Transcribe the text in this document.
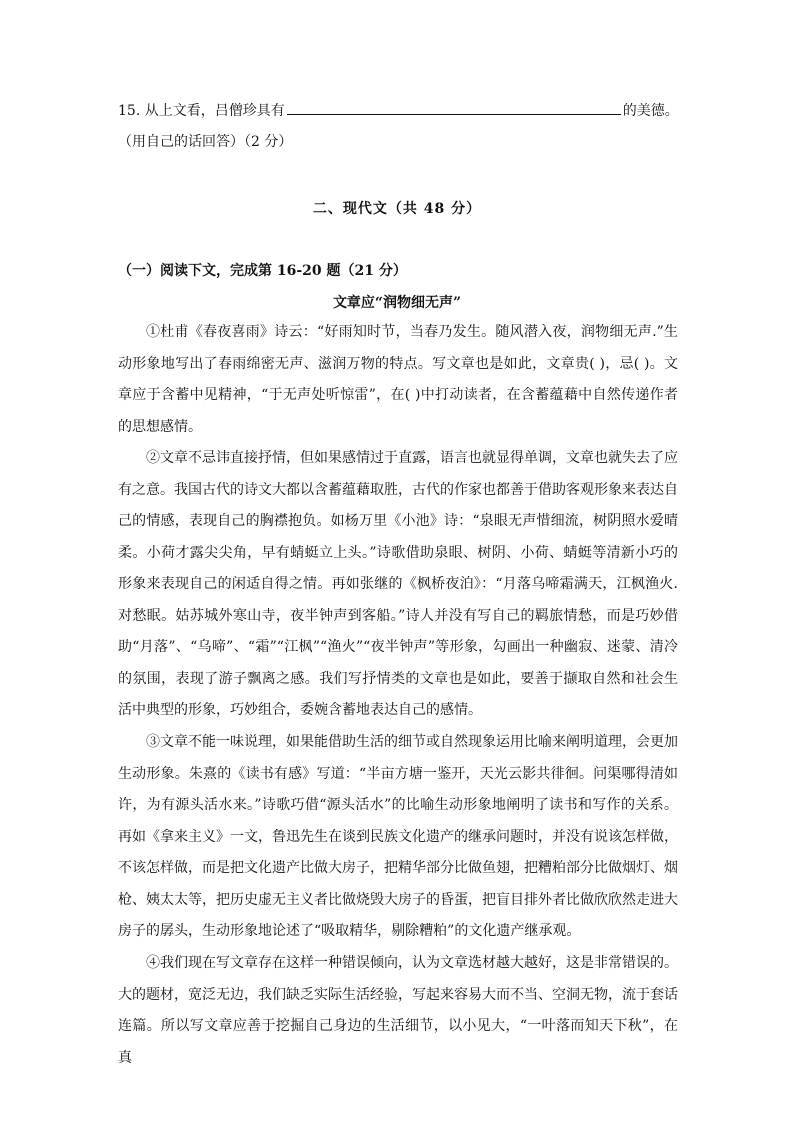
15. 从上文看，吕僧珍具有	的美德。
（用自己的话回答）（2 分）
二、现代文（共 48 分）
（一）阅读下文，完成第 16-20 题（21 分）
文章应“润物细无声”
①杜甫《春夜喜雨》诗云：“好雨知时节，当春乃发生。随风潜入夜，润物细无声.”生动形象地写出了春雨绵密无声、滋润万物的特点。写文章也是如此，文章贵( )，忌( )。文章应于含蓄中见精神，“于无声处听惊雷”，在( )中打动读者，在含蓄蕴藉中自然传递作者的思想感情。
②文章不忌讳直接抒情，但如果感情过于直露，语言也就显得单调，文章也就失去了应 有之意。我国古代的诗文大都以含蓄蕴藉取胜，古代的作家也都善于借助客观形象来表达自己的情感，表现自己的胸襟抱负。如杨万里《小池》诗：“泉眼无声惜细流，树阴照水爱晴柔。小荷才露尖尖角，早有蜻蜓立上头。”诗歌借助泉眼、树阴、小荷、蜻蜓等清新小巧的形象来表现自己的闲适自得之情。再如张继的《枫桥夜泊》：“月落乌啼霜满天，江枫渔火.对愁眠。姑苏城外寒山寺，夜半钟声到客船。”诗人并没有写自己的羁旅情愁，而是巧妙借助“月落”、“乌啼”、“霜”“江枫”“渔火”“夜半钟声”等形象，勾画出一种幽寂、迷蒙、清冷的氛围，表现了游子飘离之感。我们写抒情类的文章也是如此，要善于撷取自然和社会生 活中典型的形象，巧妙组合，委婉含蓄地表达自己的感情。
③文章不能一味说理，如果能借助生活的细节或自然现象运用比喻来阐明道理，会更加生动形象。朱熹的《读书有感》写道：“半亩方塘一鉴开，天光云影共徘徊。问渠哪得清如许，为有源头活水来。”诗歌巧借“源头活水”的比喻生动形象地阐明了读书和写作的关系。 再如《拿来主义》一文，鲁迅先生在谈到民族文化遗产的继承问题时，并没有说该怎样做， 不该怎样做，而是把文化遗产比做大房子，把精华部分比做鱼翅，把糟粕部分比做烟灯、烟枪、姨太太等，把历史虚无主义者比做烧毁大房子的昏蛋，把盲目排外者比做欣欣然走进大房子的孱头，生动形象地论述了“吸取精华，剔除糟粕”的文化遗产继承观。
④我们现在写文章存在这样一种错误倾向，认为文章选材越大越好，这是非常错误的。 大的题材，宽泛无边，我们缺乏实际生活经验，写起来容易大而不当、空洞无物，流于套话连篇。所以写文章应善于挖掘自己身边的生活细节，以小见大，“一叶落而知天下秋”，在真
